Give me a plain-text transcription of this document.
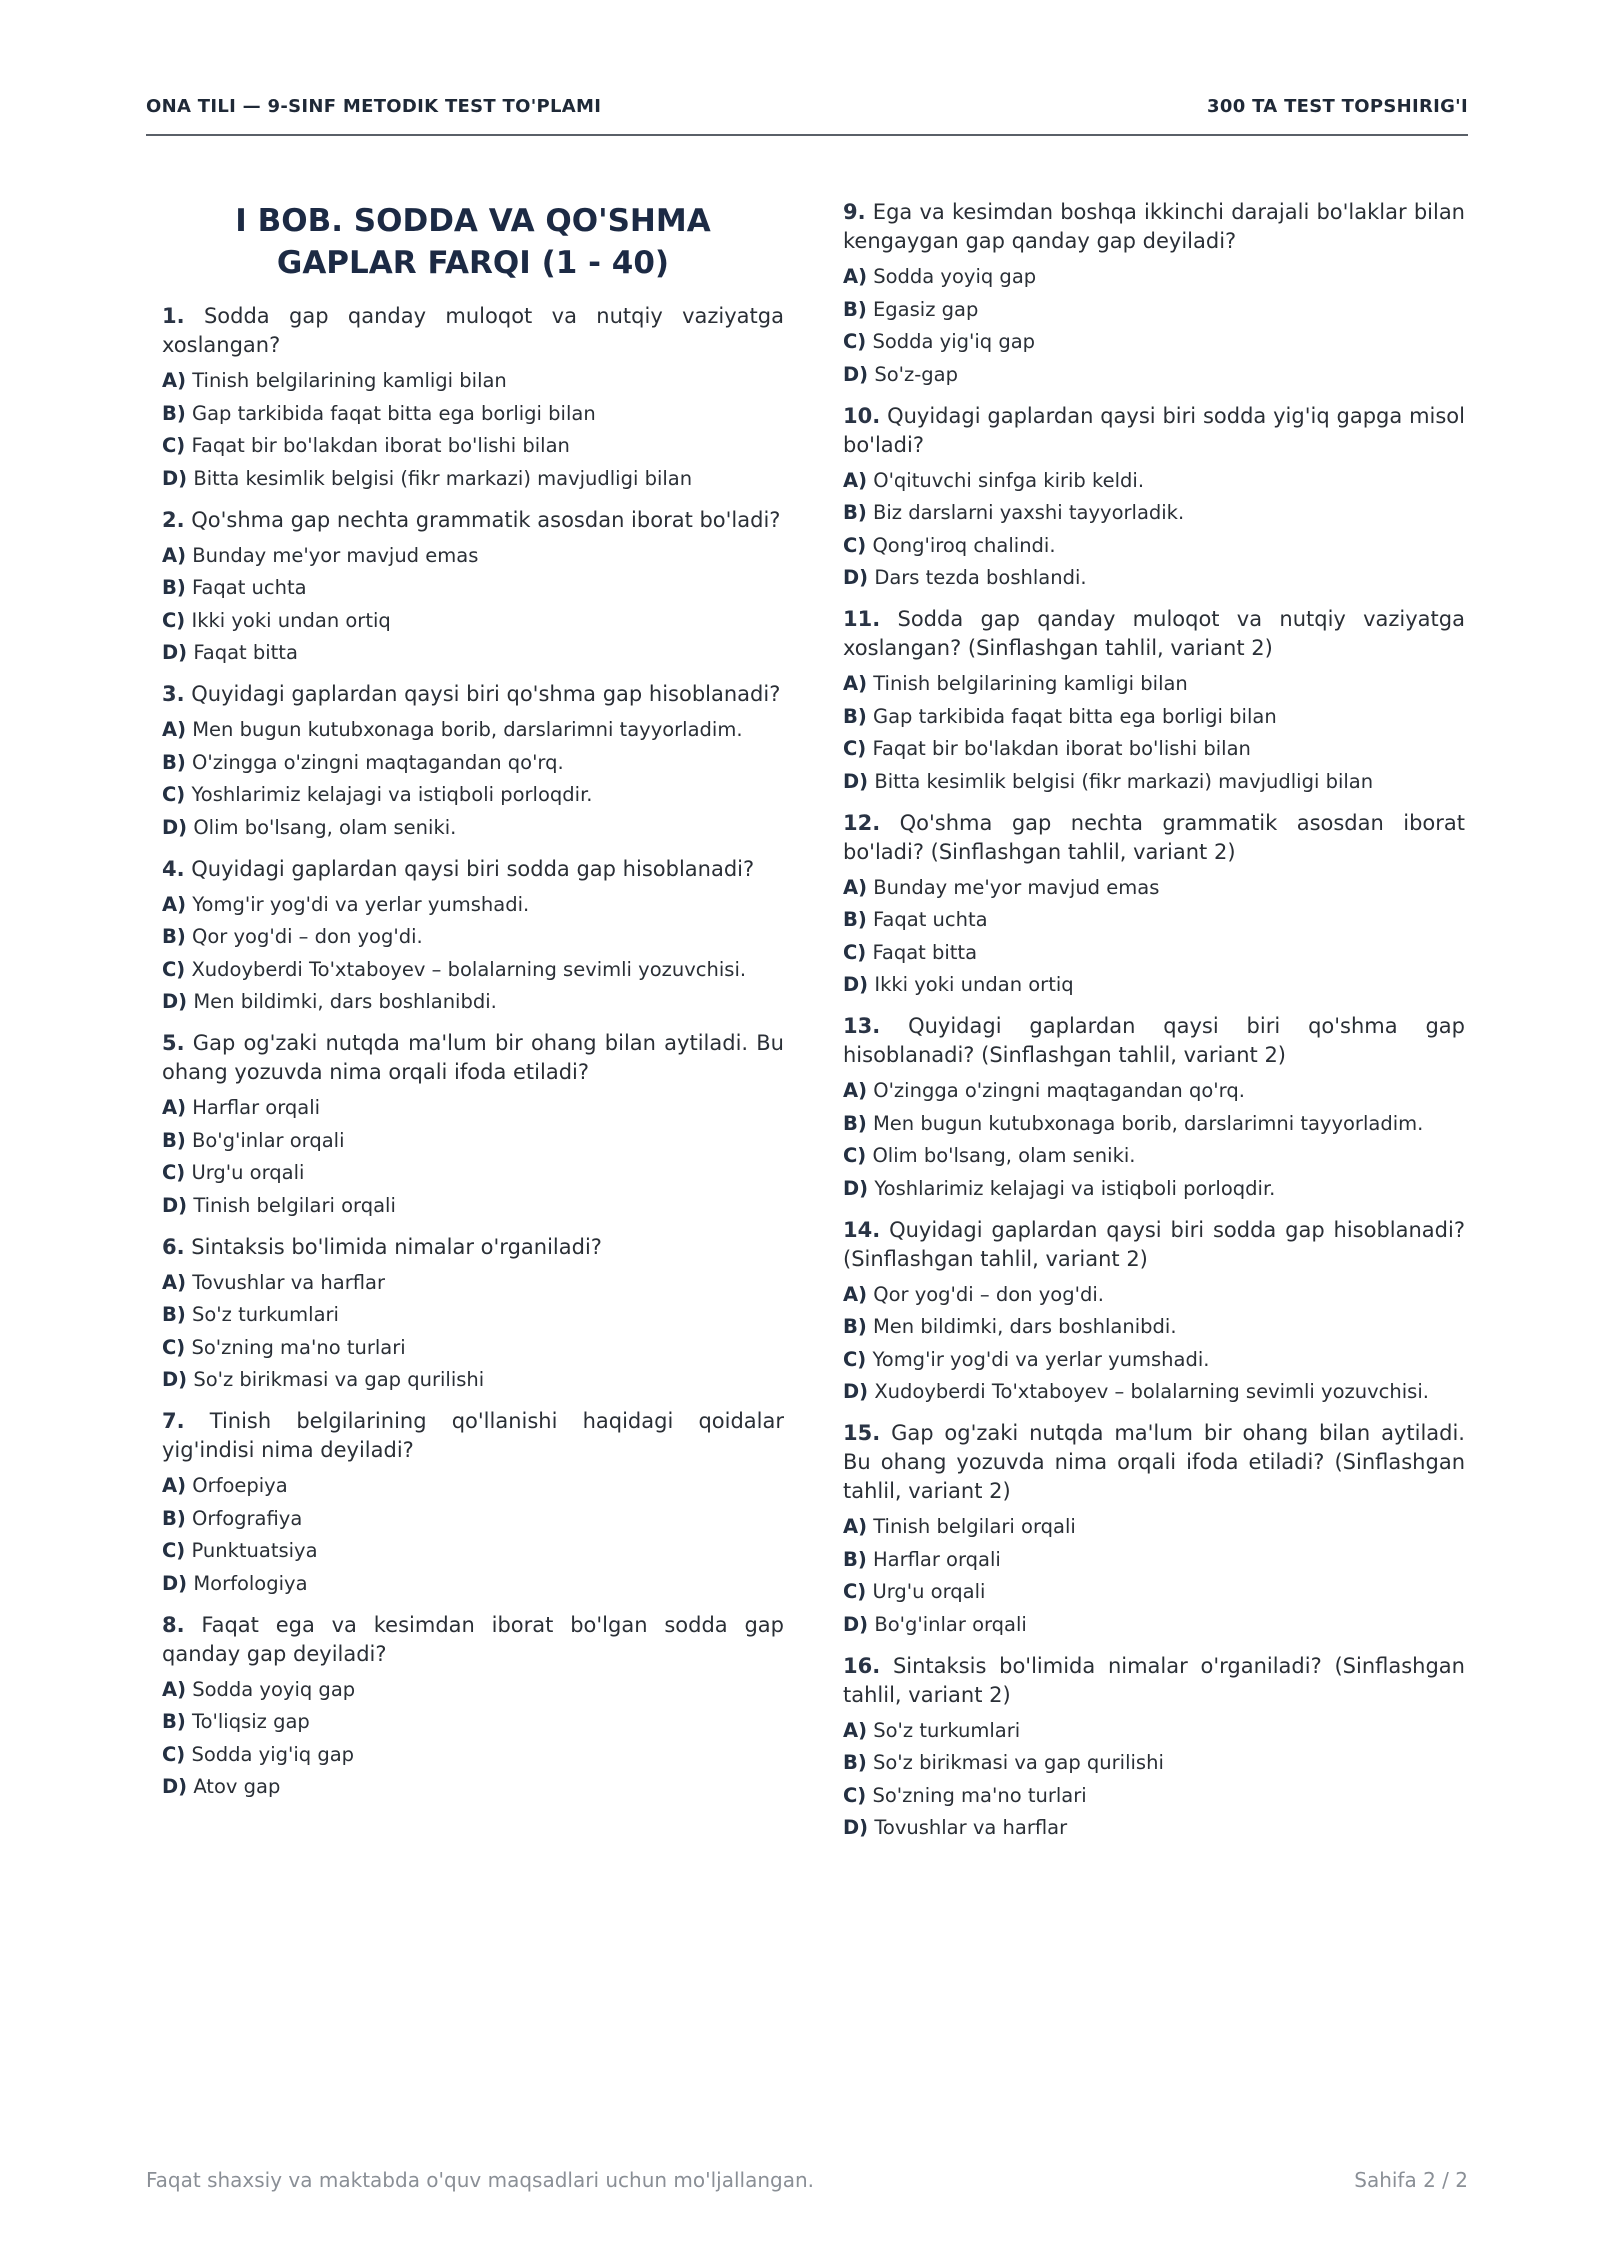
ONA TILI — 9-SINF METODIK TEST TO'PLAMI	300 TA TEST TOPSHIRIG'I
I BOB. SODDA VA QO'SHMA GAPLAR FARQI (1 - 40)
1. Sodda gap qanday muloqot va nutqiy vaziyatga xoslangan?
A) Tinish belgilarining kamligi bilan
B) Gap tarkibida faqat bitta ega borligi bilan
C) Faqat bir bo'lakdan iborat bo'lishi bilan
D) Bitta kesimlik belgisi (fikr markazi) mavjudligi bilan
2. Qo'shma gap nechta grammatik asosdan iborat bo'ladi?
A) Bunday me'yor mavjud emas
B) Faqat uchta
C) Ikki yoki undan ortiq
D) Faqat bitta
3. Quyidagi gaplardan qaysi biri qo'shma gap hisoblanadi?
A) Men bugun kutubxonaga borib, darslarimni tayyorladim.
B) O'zingga o'zingni maqtagandan qo'rq.
C) Yoshlarimiz kelajagi va istiqboli porloqdir.
D) Olim bo'lsang, olam seniki.
4. Quyidagi gaplardan qaysi biri sodda gap hisoblanadi?
A) Yomg'ir yog'di va yerlar yumshadi.
B) Qor yog'di – don yog'di.
C) Xudoyberdi To'xtaboyev – bolalarning sevimli yozuvchisi.
D) Men bildimki, dars boshlanibdi.
5. Gap og'zaki nutqda ma'lum bir ohang bilan aytiladi. Bu ohang yozuvda nima orqali ifoda etiladi?
A) Harflar orqali
B) Bo'g'inlar orqali
C) Urg'u orqali
D) Tinish belgilari orqali
6. Sintaksis bo'limida nimalar o'rganiladi?
A) Tovushlar va harflar
B) So'z turkumlari
C) So'zning ma'no turlari
D) So'z birikmasi va gap qurilishi
7. Tinish belgilarining qo'llanishi haqidagi qoidalar yig'indisi nima deyiladi?
A) Orfoepiya
B) Orfografiya
C) Punktuatsiya
D) Morfologiya
8. Faqat ega va kesimdan iborat bo'lgan sodda gap qanday gap deyiladi?
A) Sodda yoyiq gap
B) To'liqsiz gap
C) Sodda yig'iq gap
D) Atov gap
9. Ega va kesimdan boshqa ikkinchi darajali bo'laklar bilan kengaygan gap qanday gap deyiladi?
A) Sodda yoyiq gap
B) Egasiz gap
C) Sodda yig'iq gap
D) So'z-gap
10. Quyidagi gaplardan qaysi biri sodda yig'iq gapga misol bo'ladi?
A) O'qituvchi sinfga kirib keldi.
B) Biz darslarni yaxshi tayyorladik.
C) Qong'iroq chalindi.
D) Dars tezda boshlandi.
11. Sodda gap qanday muloqot va nutqiy vaziyatga xoslangan? (Sinflashgan tahlil, variant 2)
A) Tinish belgilarining kamligi bilan
B) Gap tarkibida faqat bitta ega borligi bilan
C) Faqat bir bo'lakdan iborat bo'lishi bilan
D) Bitta kesimlik belgisi (fikr markazi) mavjudligi bilan
12. Qo'shma gap nechta grammatik asosdan iborat bo'ladi? (Sinflashgan tahlil, variant 2)
A) Bunday me'yor mavjud emas
B) Faqat uchta
C) Faqat bitta
D) Ikki yoki undan ortiq
13. Quyidagi gaplardan qaysi biri qo'shma gap hisoblanadi? (Sinflashgan tahlil, variant 2)
A) O'zingga o'zingni maqtagandan qo'rq.
B) Men bugun kutubxonaga borib, darslarimni tayyorladim.
C) Olim bo'lsang, olam seniki.
D) Yoshlarimiz kelajagi va istiqboli porloqdir.
14. Quyidagi gaplardan qaysi biri sodda gap hisoblanadi? (Sinflashgan tahlil, variant 2)
A) Qor yog'di – don yog'di.
B) Men bildimki, dars boshlanibdi.
C) Yomg'ir yog'di va yerlar yumshadi.
D) Xudoyberdi To'xtaboyev – bolalarning sevimli yozuvchisi.
15. Gap og'zaki nutqda ma'lum bir ohang bilan aytiladi. Bu ohang yozuvda nima orqali ifoda etiladi? (Sinflashgan tahlil, variant 2)
A) Tinish belgilari orqali
B) Harflar orqali
C) Urg'u orqali
D) Bo'g'inlar orqali
16. Sintaksis bo'limida nimalar o'rganiladi? (Sinflashgan tahlil, variant 2)
A) So'z turkumlari
B) So'z birikmasi va gap qurilishi
C) So'zning ma'no turlari
D) Tovushlar va harflar
Faqat shaxsiy va maktabda o'quv maqsadlari uchun mo'ljallangan.	Sahifa 2 / 2
